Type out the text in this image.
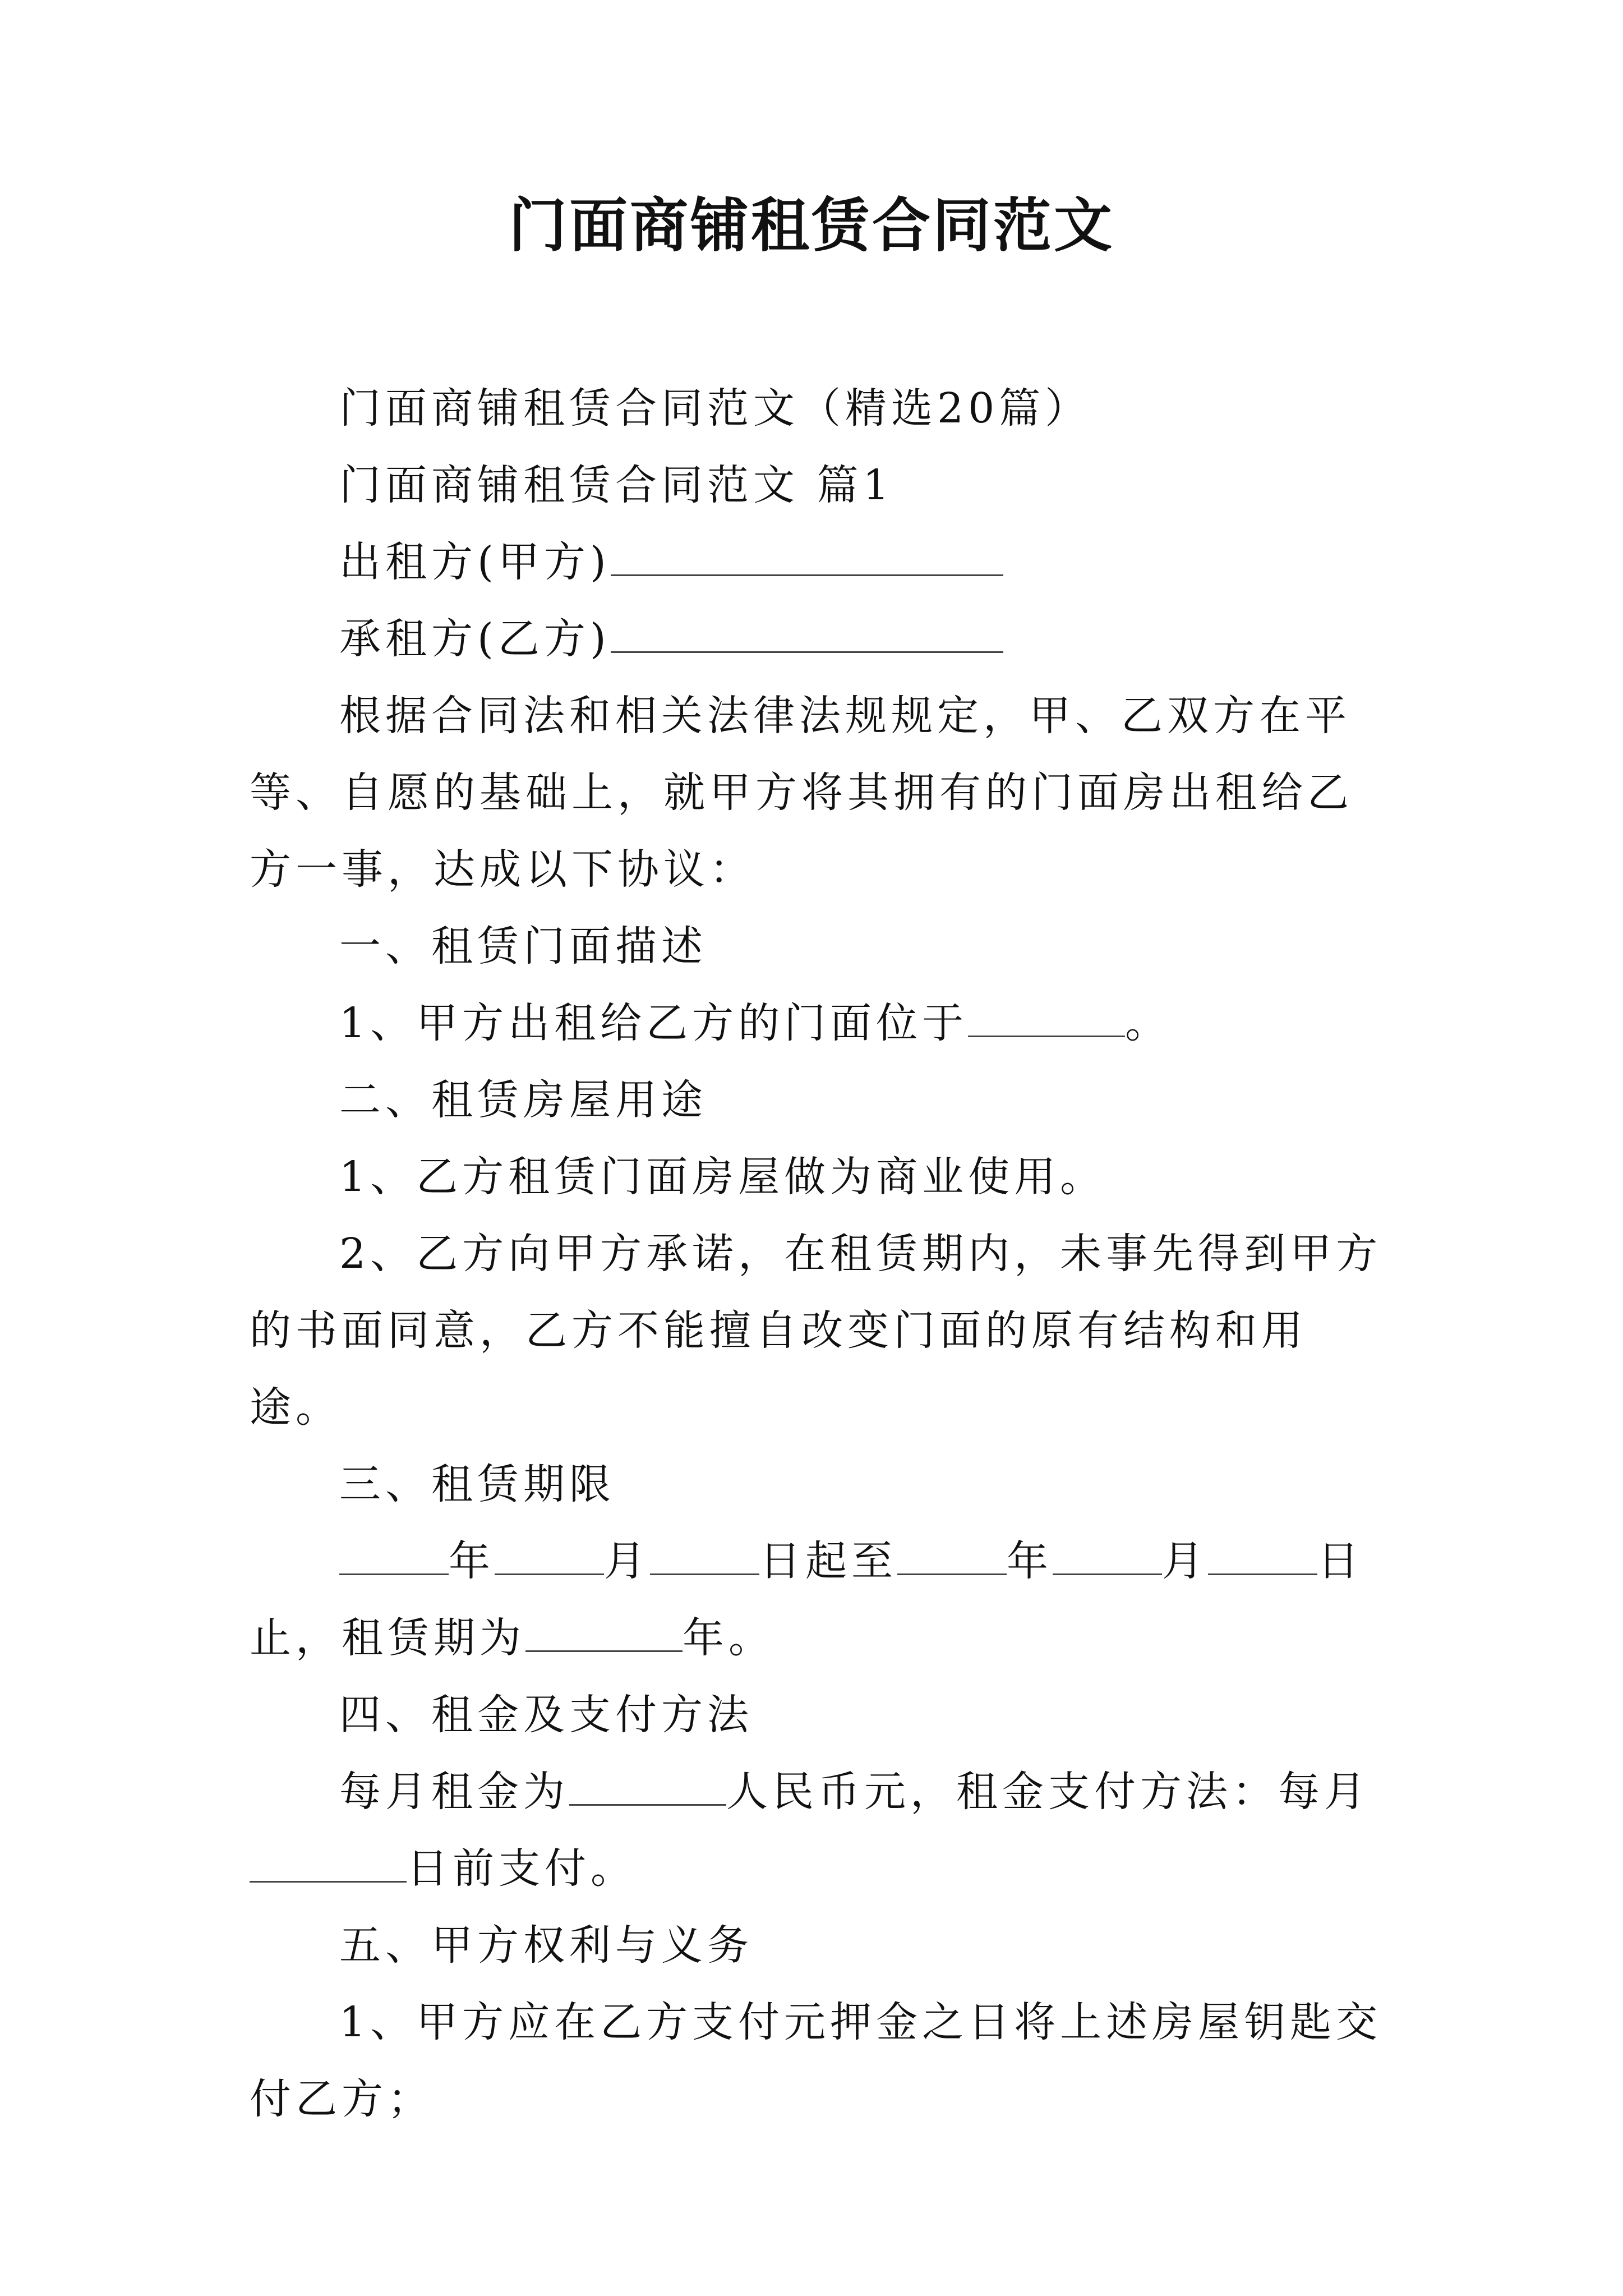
门面商铺租赁合同范文

门面商铺租赁合同范文（精选20篇）

门面商铺租赁合同范文 篇1

出租方(甲方)

承租方(乙方)

根据合同法和相关法律法规规定，甲、乙双方在平等、自愿的基础上，就甲方将其拥有的门面房出租给乙方一事，达成以下协议：

一、租赁门面描述

1、甲方出租给乙方的门面位于	。

二、租赁房屋用途

1、乙方租赁门面房屋做为商业使用。

2、乙方向甲方承诺，在租赁期内，未事先得到甲方的书面同意，乙方不能擅自改变门面的原有结构和用途。

三、租赁期限

年	月	日起至	年	月	日止，租赁期为	年。

四、租金及支付方法

每月租金为	人民币元，租金支付方法：每月日前支付。

五、甲方权利与义务

1、甲方应在乙方支付元押金之日将上述房屋钥匙交付乙方；
